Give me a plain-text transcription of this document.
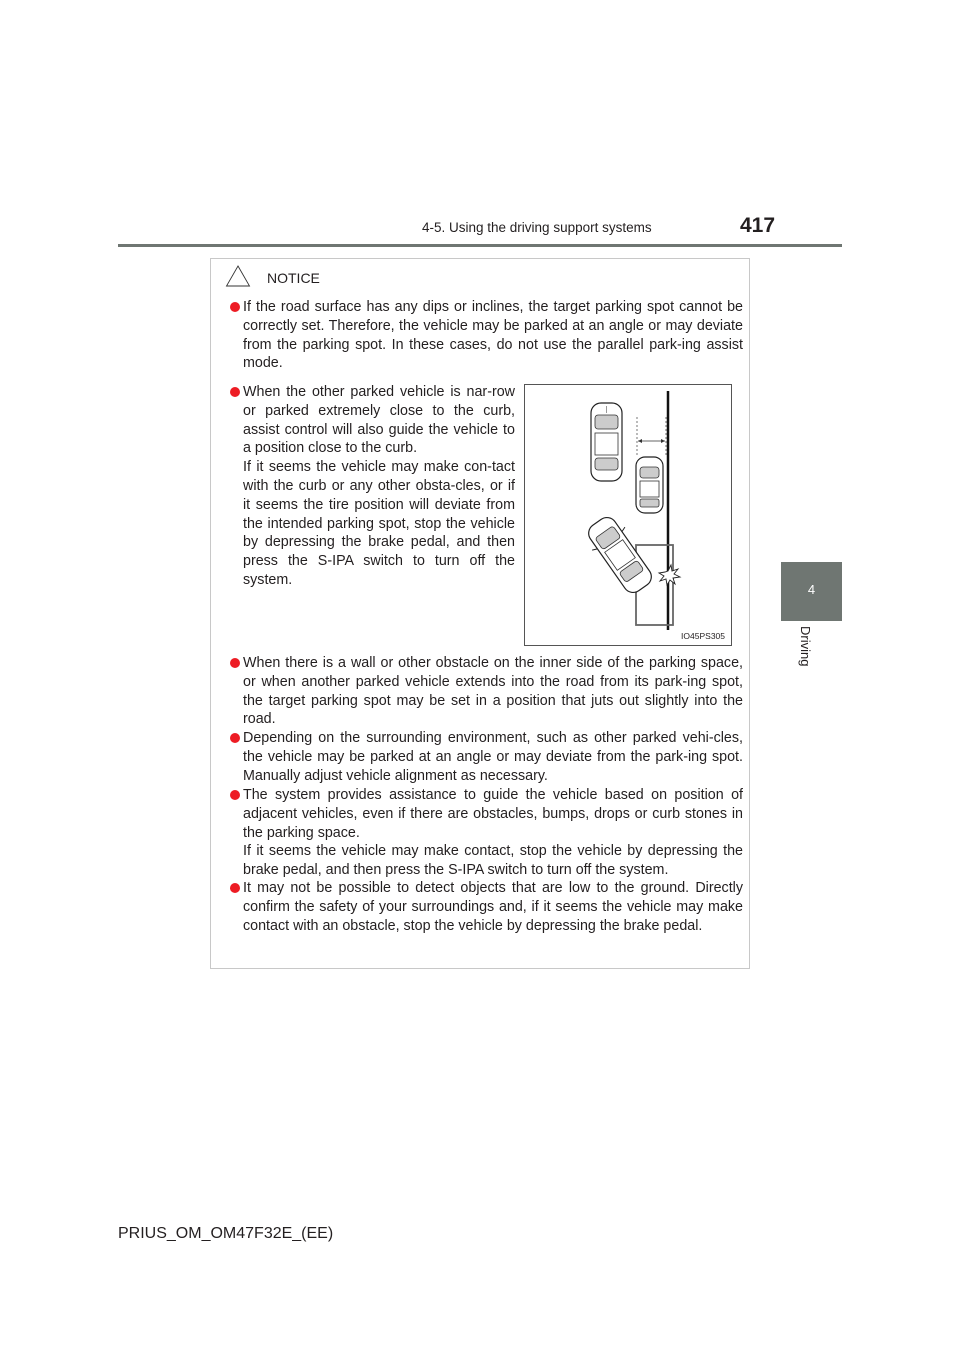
4-5. Using the driving support systems	417
4
Driving
NOTICE
If the road surface has any dips or inclines, the target parking spot cannot be correctly set. Therefore, the vehicle may be parked at an angle or may deviate from the parking spot. In these cases, do not use the parallel park-ing assist mode.
When the other parked vehicle is nar-row or parked extremely close to the curb, assist control will also guide the vehicle to a position close to the curb.
If it seems the vehicle may make con-tact with the curb or any other obsta-cles, or if it seems the tire position will deviate from the intended parking spot, stop the vehicle by depressing the brake pedal, and then press the S-IPA switch to turn off the system.
When there is a wall or other obstacle on the inner side of the parking space, or when another parked vehicle extends into the road from its park-ing spot, the target parking spot may be set in a position that juts out slightly into the road.
Depending on the surrounding environment, such as other parked vehi-cles, the vehicle may be parked at an angle or may deviate from the park-ing spot. Manually adjust vehicle alignment as necessary.
The system provides assistance to guide the vehicle based on position of adjacent vehicles, even if there are obstacles, bumps, drops or curb stones in the parking space.
If it seems the vehicle may make contact, stop the vehicle by depressing the brake pedal, and then press the S-IPA switch to turn off the system.
It may not be possible to detect objects that are low to the ground. Directly confirm the safety of your surroundings and, if it seems the vehicle may make contact with an obstacle, stop the vehicle by depressing the brake pedal.
IO45PS305
PRIUS_OM_OM47F32E_(EE)
